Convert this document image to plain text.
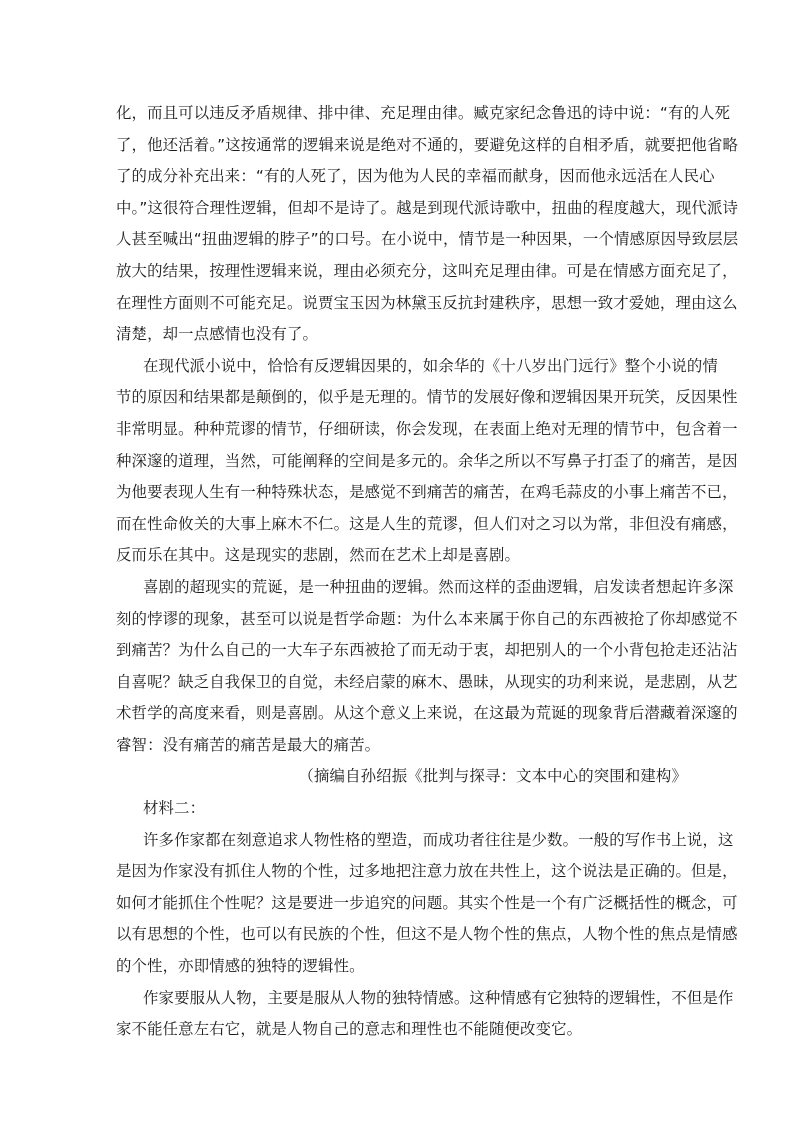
化，而且可以违反矛盾规律、排中律、充足理由律。臧克家纪念鲁迅的诗中说：“有的人死
了，他还活着。”这按通常的逻辑来说是绝对不通的，要避免这样的自相矛盾，就要把他省略
了的成分补充出来：“有的人死了，因为他为人民的幸福而献身，因而他永远活在人民心
中。”这很符合理性逻辑，但却不是诗了。越是到现代派诗歌中，扭曲的程度越大，现代派诗
人甚至喊出“扭曲逻辑的脖子”的口号。在小说中，情节是一种因果，一个情感原因导致层层
放大的结果，按理性逻辑来说，理由必须充分，这叫充足理由律。可是在情感方面充足了，
在理性方面则不可能充足。说贾宝玉因为林黛玉反抗封建秩序，思想一致才爱她，理由这么
清楚，却一点感情也没有了。
在现代派小说中，恰恰有反逻辑因果的，如余华的《十八岁出门远行》整个小说的情
节的原因和结果都是颠倒的，似乎是无理的。情节的发展好像和逻辑因果开玩笑，反因果性
非常明显。种种荒谬的情节，仔细研读，你会发现，在表面上绝对无理的情节中，包含着一
种深邃的道理，当然，可能阐释的空间是多元的。余华之所以不写鼻子打歪了的痛苦，是因
为他要表现人生有一种特殊状态，是感觉不到痛苦的痛苦，在鸡毛蒜皮的小事上痛苦不已，
而在性命攸关的大事上麻木不仁。这是人生的荒谬，但人们对之习以为常，非但没有痛感，
反而乐在其中。这是现实的悲剧，然而在艺术上却是喜剧。
喜剧的超现实的荒诞，是一种扭曲的逻辑。然而这样的歪曲逻辑，启发读者想起许多深
刻的悖谬的现象，甚至可以说是哲学命题：为什么本来属于你自己的东西被抢了你却感觉不
到痛苦？为什么自己的一大车子东西被抢了而无动于衷，却把别人的一个小背包抢走还沾沾
自喜呢？缺乏自我保卫的自觉，未经启蒙的麻木、愚昧，从现实的功利来说，是悲剧，从艺
术哲学的高度来看，则是喜剧。从这个意义上来说，在这最为荒诞的现象背后潜藏着深邃的
睿智：没有痛苦的痛苦是最大的痛苦。
（摘编自孙绍振《批判与探寻：文本中心的突围和建构》
材料二：
许多作家都在刻意追求人物性格的塑造，而成功者往往是少数。一般的写作书上说，这
是因为作家没有抓住人物的个性，过多地把注意力放在共性上，这个说法是正确的。但是，
如何才能抓住个性呢？这是要进一步追究的问题。其实个性是一个有广泛概括性的概念，可
以有思想的个性，也可以有民族的个性，但这不是人物个性的焦点，人物个性的焦点是情感
的个性，亦即情感的独特的逻辑性。
作家要服从人物，主要是服从人物的独特情感。这种情感有它独特的逻辑性，不但是作
家不能任意左右它，就是人物自己的意志和理性也不能随便改变它。
